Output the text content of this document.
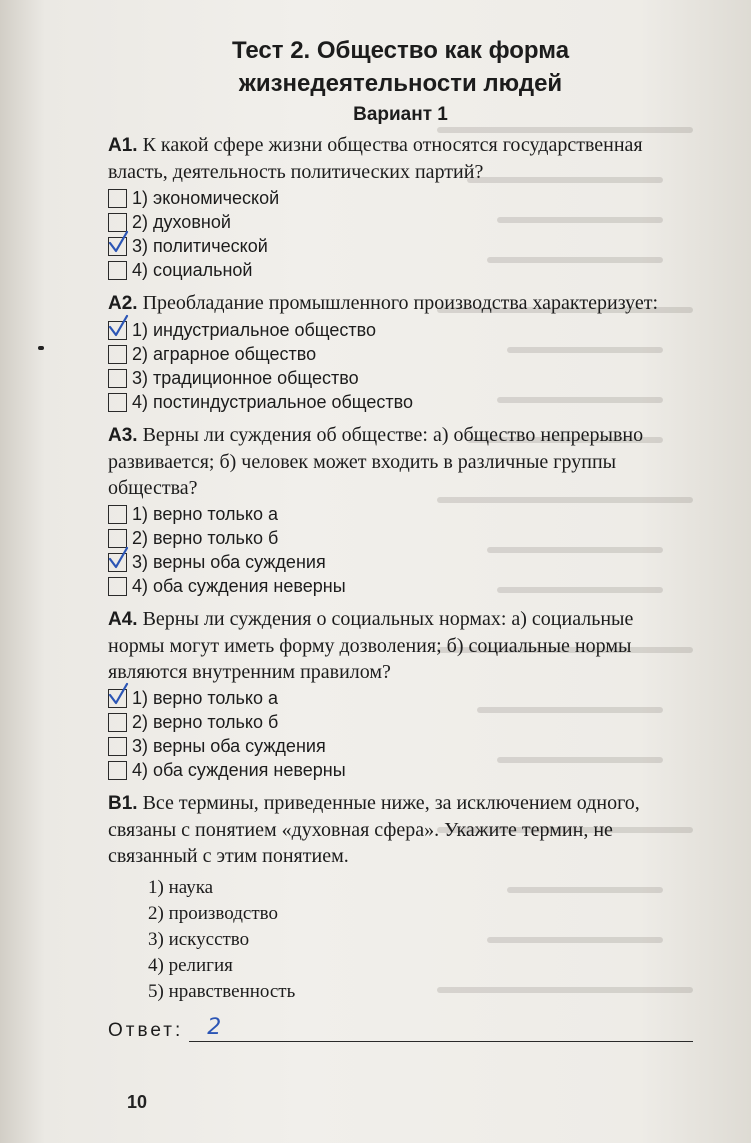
Тест 2. Общество как форма
жизнедеятельности людей
Вариант 1
А1. К какой сфере жизни общества относятся государственная власть, деятельность политических партий?
1) экономической
2) духовной
3) политической
4) социальной
А2. Преобладание промышленного производства характеризует:
1) индустриальное общество
2) аграрное общество
3) традиционное общество
4) постиндустриальное общество
А3. Верны ли суждения об обществе: а) общество непрерывно развивается; б) человек может входить в различные группы общества?
1) верно только а
2) верно только б
3) верны оба суждения
4) оба суждения неверны
А4. Верны ли суждения о социальных нормах: а) социальные нормы могут иметь форму дозволения; б) социальные нормы являются внутренним правилом?
1) верно только а
2) верно только б
3) верны оба суждения
4) оба суждения неверны
В1. Все термины, приведенные ниже, за исключением одного, связаны с понятием «духовная сфера». Укажите термин, не связанный с этим понятием.
1) наука
2) производство
3) искусство
4) религия
5) нравственность
Ответ: 2
10
